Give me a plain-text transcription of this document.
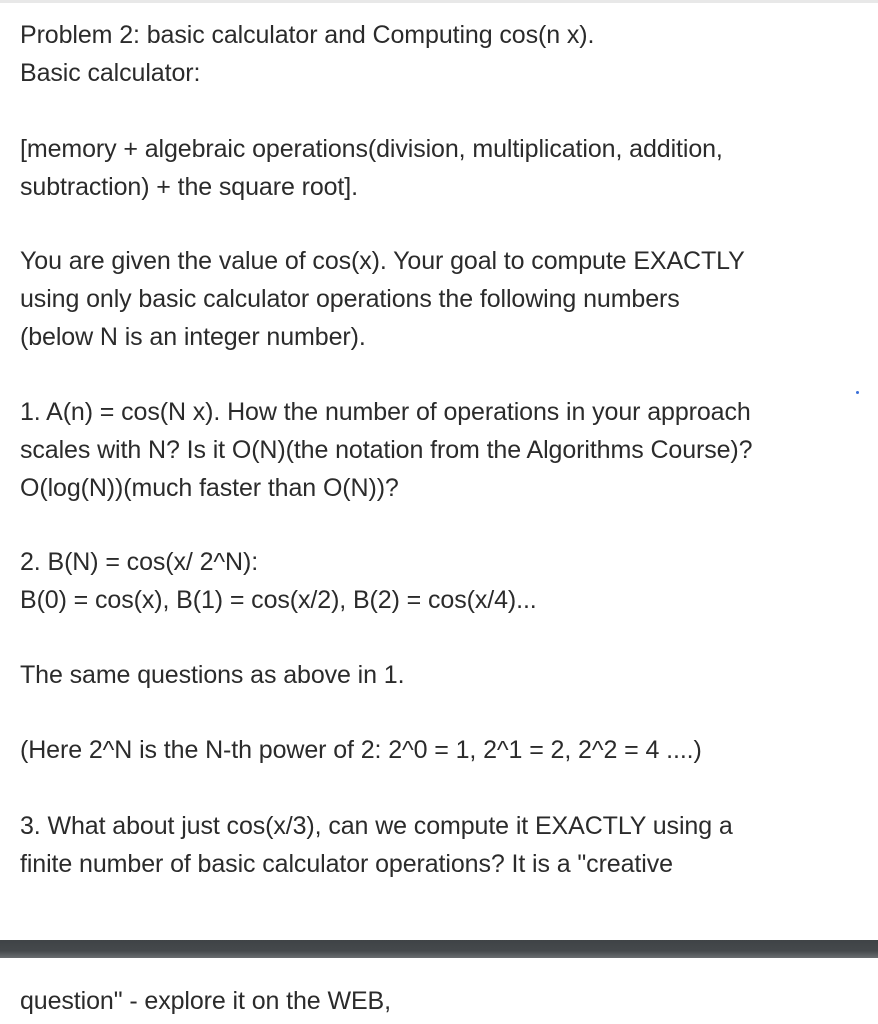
Problem 2: basic calculator and Computing cos(n x).
Basic calculator:
[memory + algebraic operations(division, multiplication, addition,
subtraction) + the square root].
You are given the value of cos(x). Your goal to compute EXACTLY
using only basic calculator operations the following numbers
(below N is an integer number).
1. A(n) = cos(N x). How the number of operations in your approach
scales with N? Is it O(N)(the notation from the Algorithms Course)?
O(log(N))(much faster than O(N))?
2. B(N) = cos(x/ 2^N):
B(0) = cos(x), B(1) = cos(x/2), B(2) = cos(x/4)...
The same questions as above in 1.
(Here 2^N is the N-th power of 2: 2^0 = 1, 2^1 = 2, 2^2 = 4 ....)
3. What about just cos(x/3), can we compute it EXACTLY using a
finite number of basic calculator operations? It is a "creative
question" - explore it on the WEB,
